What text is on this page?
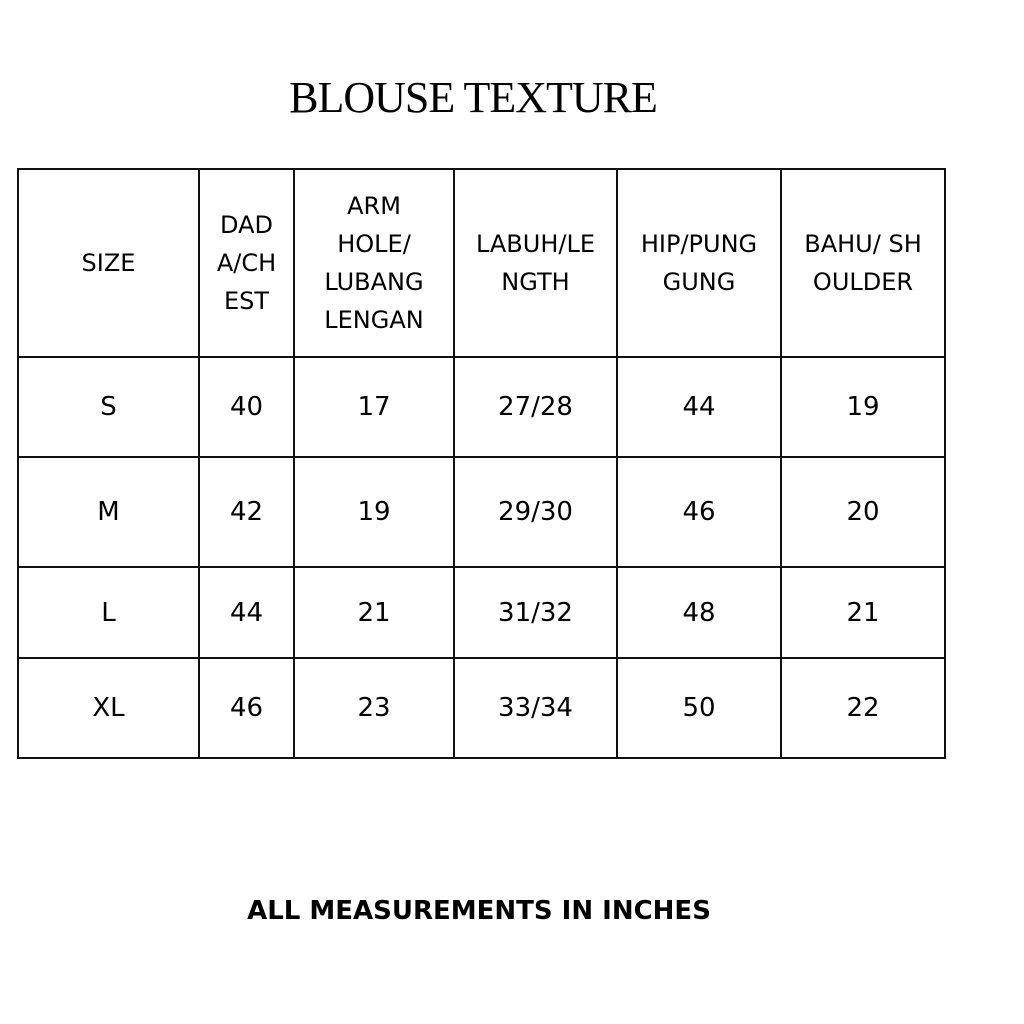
BLOUSE TEXTURE
SIZE	DADA/CHEST	ARM HOLE/ LUBANG LENGAN	LABUH/LENGTH	HIP/PUNGGUNG	BAHU/ SHOULDER
S	40	17	27/28	44	19
M	42	19	29/30	46	20
L	44	21	31/32	48	21
XL	46	23	33/34	50	22
ALL MEASUREMENTS IN INCHES
